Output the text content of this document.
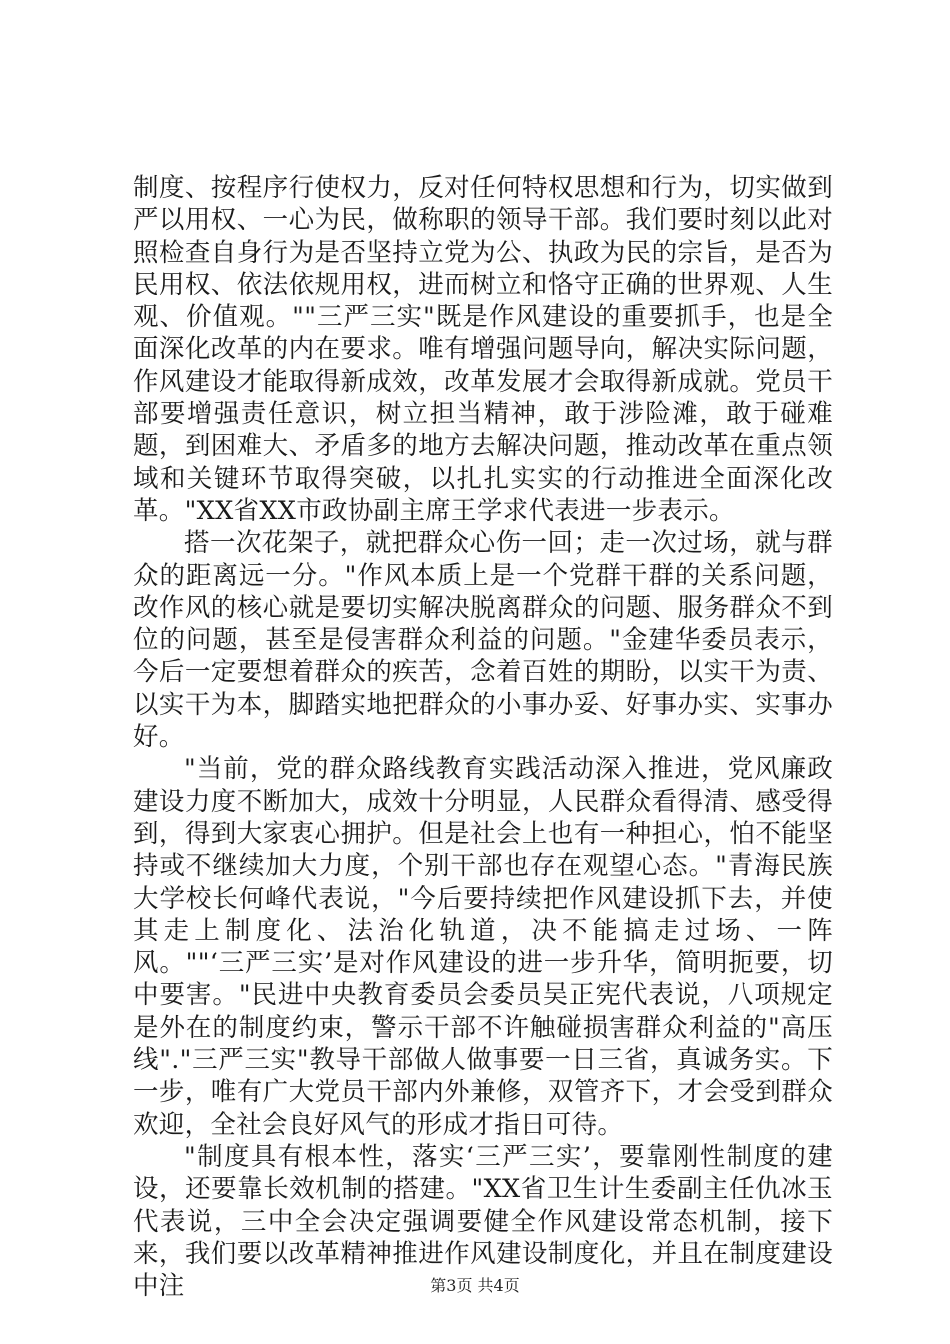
制度、按程序行使权力，反对任何特权思想和行为，切实做到严以用权、一心为民，做称职的领导干部。我们要时刻以此对照检查自身行为是否坚持立党为公、执政为民的宗旨，是否为民用权、依法依规用权，进而树立和恪守正确的世界观、人生观、价值观。""三严三实"既是作风建设的重要抓手，也是全面深化改革的内在要求。唯有增强问题导向，解决实际问题，作风建设才能取得新成效，改革发展才会取得新成就。党员干部要增强责任意识，树立担当精神，敢于涉险滩，敢于碰难题，到困难大、矛盾多的地方去解决问题，推动改革在重点领域和关键环节取得突破，以扎扎实实的行动推进全面深化改革。"XX省XX市政协副主席王学求代表进一步表示。

搭一次花架子，就把群众心伤一回；走一次过场，就与群众的距离远一分。"作风本质上是一个党群干群的关系问题，改作风的核心就是要切实解决脱离群众的问题、服务群众不到位的问题，甚至是侵害群众利益的问题。"金建华委员表示，今后一定要想着群众的疾苦，念着百姓的期盼，以实干为责、以实干为本，脚踏实地把群众的小事办妥、好事办实、实事办好。

"当前，党的群众路线教育实践活动深入推进，党风廉政建设力度不断加大，成效十分明显，人民群众看得清、感受得到，得到大家衷心拥护。但是社会上也有一种担心，怕不能坚持或不继续加大力度，个别干部也存在观望心态。"青海民族大学校长何峰代表说，"今后要持续把作风建设抓下去，并使其走上制度化、法治化轨道，决不能搞走过场、一阵风。""‘三严三实’是对作风建设的进一步升华，简明扼要，切中要害。"民进中央教育委员会委员吴正宪代表说，八项规定是外在的制度约束，警示干部不许触碰损害群众利益的"高压线"."三严三实"教导干部做人做事要一日三省，真诚务实。下一步，唯有广大党员干部内外兼修，双管齐下，才会受到群众欢迎，全社会良好风气的形成才指日可待。

"制度具有根本性，落实‘三严三实’，要靠刚性制度的建设，还要靠长效机制的搭建。"XX省卫生计生委副主任仇冰玉代表说，三中全会决定强调要健全作风建设常态机制，接下来，我们要以改革精神推进作风建设制度化，并且在制度建设中注	第3页 共4页
